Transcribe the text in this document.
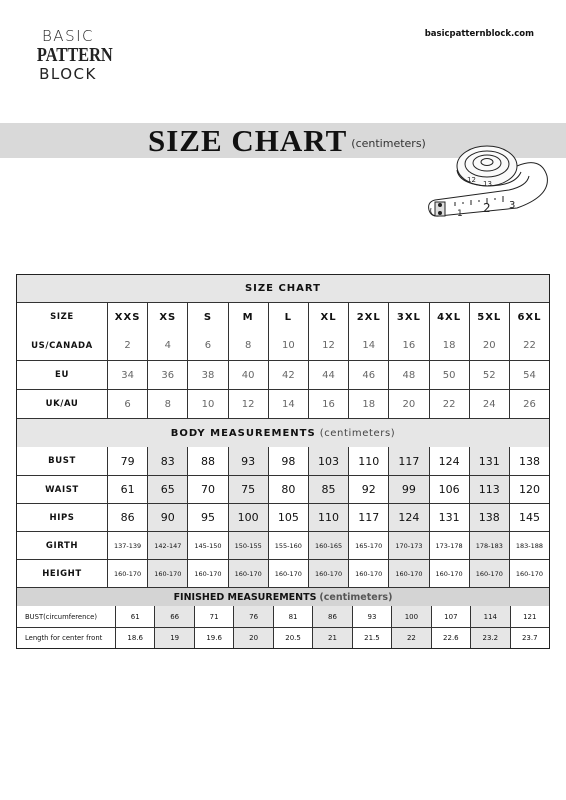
BASIC
PATTERN
BLOCK
basicpatternblock.com
SIZE CHART (centimeters)
1 2 3
12 13
SIZE CHART
SIZE	XXS	XS	S	M	L	XL	2XL	3XL	4XL	5XL	6XL
US/CANADA	2	4	6	8	10	12	14	16	18	20	22
EU	34	36	38	40	42	44	46	48	50	52	54
UK/AU	6	8	10	12	14	16	18	20	22	24	26
BODY MEASUREMENTS (centimeters)
BUST	79	83	88	93	98	103	110	117	124	131	138
WAIST	61	65	70	75	80	85	92	99	106	113	120
HIPS	86	90	95	100	105	110	117	124	131	138	145
GIRTH	137-139	142-147	145-150	150-155	155-160	160-165	165-170	170-173	173-178	178-183	183-188
HEIGHT	160-170	160-170	160-170	160-170	160-170	160-170	160-170	160-170	160-170	160-170	160-170
FINISHED MEASUREMENTS (centimeters)
BUST(circumference)	61	66	71	76	81	86	93	100	107	114	121
Length for center front	18.6	19	19.6	20	20.5	21	21.5	22	22.6	23.2	23.7
